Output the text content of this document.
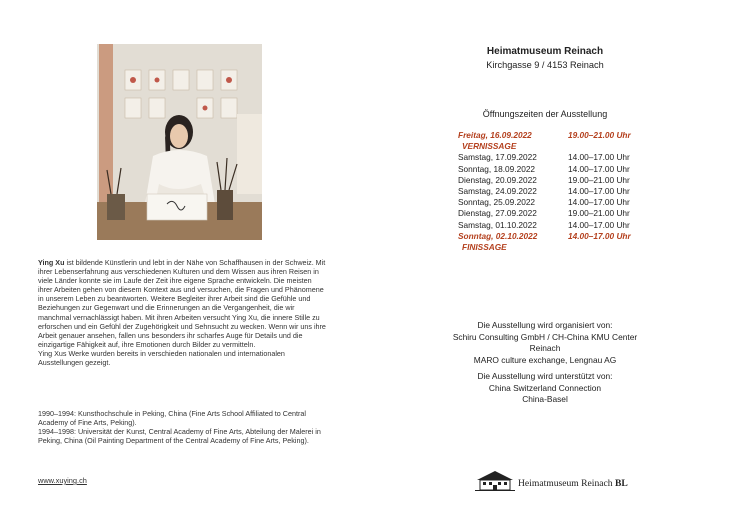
Ying Xu ist bildende Künstlerin und lebt in der Nähe von Schaffhausen in der Schweiz. Mit ihrer Lebenserfahrung aus verschiedenen Kulturen und dem Wissen aus ihren Reisen in viele Länder konnte sie im Laufe der Zeit ihre eigene Sprache entwickeln. Die meisten ihrer Arbeiten gehen von diesem Kontext aus und versuchen, die Fragen und Phänomene in unserem Leben zu beantworten. Weitere Begleiter ihrer Arbeit sind die Gefühle und Beziehungen zur Gegenwart und die Erinnerungen an die Vergangenheit, die wir manchmal vernachlässigt haben. Mit ihren Arbeiten versucht Ying Xu, die innere Stille zu erforschen und ein Gefühl der Zugehörigkeit und Sehnsucht zu wecken. Wenn wir uns ihre Arbeit genauer ansehen, fallen uns besonders ihr scharfes Auge für Details und die einzigartige Fähigkeit auf, ihre Emotionen durch Bilder zu vermitteln.

Ying Xus Werke wurden bereits in verschieden nationalen und internationalen Ausstellungen gezeigt.

1990–1994: Kunsthochschule in Peking, China (Fine Arts School Affiliated to Central Academy of Fine Arts, Peking).

1994–1998: Universität der Kunst, Central Academy of Fine Arts, Abteilung der Malerei in Peking, China (Oil Painting Department of the Central Academy of Fine Arts, Peking).

www.xuying.ch
Heimatmuseum Reinach
Kirchgasse 9 / 4153 Reinach
Öffnungszeiten der Ausstellung
Freitag, 16.09.2022	19.00–21.00 Uhr
VERNISSAGE
Samstag, 17.09.2022	14.00–17.00 Uhr
Sonntag, 18.09.2022	14.00–17.00 Uhr
Dienstag, 20.09.2022	19.00–21.00 Uhr
Samstag, 24.09.2022	14.00–17.00 Uhr
Sonntag, 25.09.2022	14.00–17.00 Uhr
Dienstag, 27.09.2022	19.00–21.00 Uhr
Samstag, 01.10.2022	14.00–17.00 Uhr
Sonntag, 02.10.2022	14.00–17.00 Uhr
FINISSAGE

Die Ausstellung wird organisiert von:

Schiru Consulting GmbH / CH-China KMU Center Reinach

MARO culture exchange, Lengnau AG

Die Ausstellung wird unterstützt von:

China Switzerland Connection

China-Basel

Heimatmuseum Reinach BL
